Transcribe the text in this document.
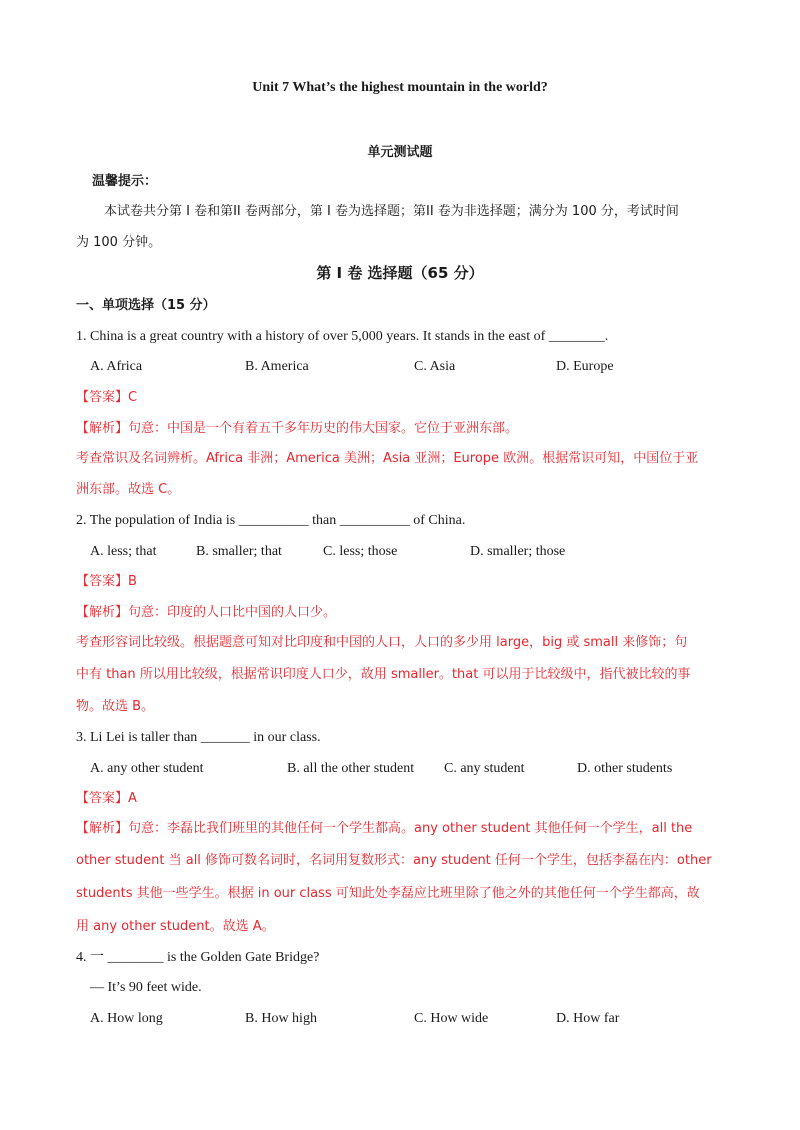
Unit 7 What’s the highest mountain in the world?
单元测试题
温馨提示：
本试卷共分第 I 卷和第II 卷两部分，第 I 卷为选择题；第II 卷为非选择题；满分为 100 分，考试时间
为 100 分钟。
第 I 卷 选择题（65 分）
一、单项选择（15 分）
1. China is a great country with a history of over 5,000 years. It stands in the east of ________.
A. Africa	B. America	C. Asia	D. Europe
【答案】C
【解析】句意：中国是一个有着五千多年历史的伟大国家。它位于亚洲东部。
考查常识及名词辨析。Africa 非洲；America 美洲；Asia 亚洲；Europe 欧洲。根据常识可知，中国位于亚
洲东部。故选 C。
2. The population of India is __________ than __________ of China.
A. less; that	B. smaller; that	C. less; those	D. smaller; those
【答案】B
【解析】句意：印度的人口比中国的人口少。
考查形容词比较级。根据题意可知对比印度和中国的人口，人口的多少用 large，big 或 small 来修饰；句
中有 than 所以用比较级，根据常识印度人口少，故用 smaller。that 可以用于比较级中，指代被比较的事
物。故选 B。
3. Li Lei is taller than _______ in our class.
A. any other student	B. all the other student C. any student	D. other students
【答案】A
【解析】句意：李磊比我们班里的其他任何一个学生都高。any other student 其他任何一个学生，all the
other student 当 all 修饰可数名词时，名词用复数形式：any student 任何一个学生，包括李磊在内：other
students 其他一些学生。根据 in our class 可知此处李磊应比班里除了他之外的其他任何一个学生都高，故
用 any other student。故选 A。
4. 一 ________ is the Golden Gate Bridge?
— It’s 90 feet wide.
A. How long	B. How high	C. How wide	D. How far
